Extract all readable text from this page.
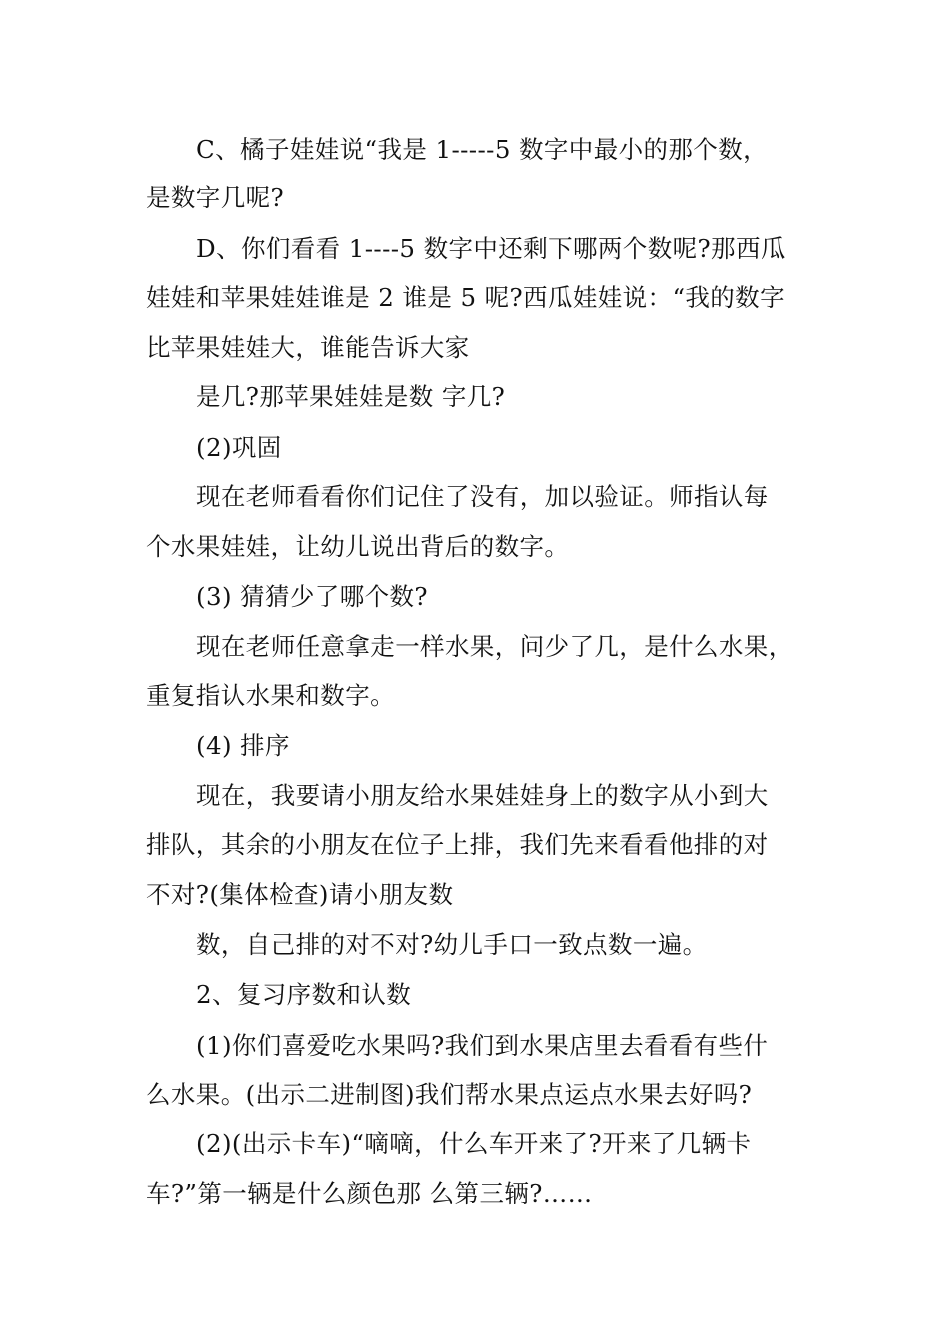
C、橘子娃娃说“我是 1-----5 数字中最小的那个数，
是数字几呢?
D、你们看看 1----5 数字中还剩下哪两个数呢?那西瓜
娃娃和苹果娃娃谁是 2 谁是 5 呢?西瓜娃娃说：“我的数字
比苹果娃娃大，谁能告诉大家
是几?那苹果娃娃是数 字几?
(2)巩固
现在老师看看你们记住了没有，加以验证。师指认每
个水果娃娃，让幼儿说出背后的数字。
(3) 猜猜少了哪个数?
现在老师任意拿走一样水果，问少了几，是什么水果，
重复指认水果和数字。
(4) 排序
现在，我要请小朋友给水果娃娃身上的数字从小到大
排队，其余的小朋友在位子上排，我们先来看看他排的对
不对?(集体检查)请小朋友数
数，自己排的对不对?幼儿手口一致点数一遍。
2、复习序数和认数
(1)你们喜爱吃水果吗?我们到水果店里去看看有些什
么水果。(出示二进制图)我们帮水果点运点水果去好吗?
(2)(出示卡车)“嘀嘀，什么车开来了?开来了几辆卡
车?”第一辆是什么颜色那 么第三辆?……
